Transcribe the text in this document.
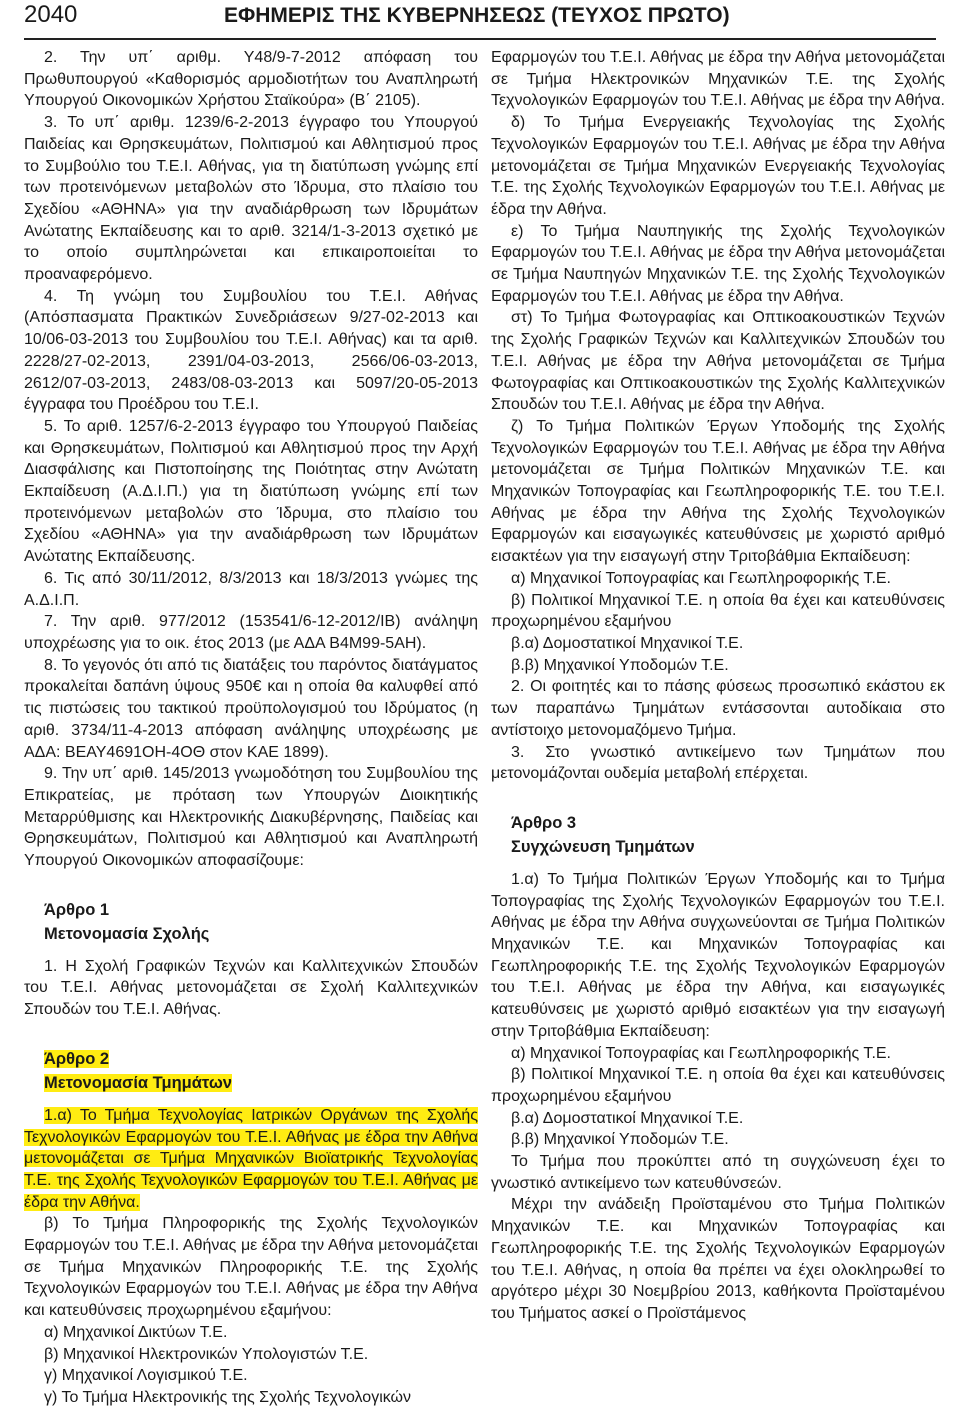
2040	ΕΦΗΜΕΡΙΣ ΤΗΣ ΚΥΒΕΡΝΗΣΕΩΣ (ΤΕΥΧΟΣ ΠΡΩΤΟ)

2. Την υπ΄ αριθμ. Υ48/9-7-2012 απόφαση του Πρωθυπουργού «Καθορισμός αρμοδιοτήτων του Αναπληρωτή Υπουργού Οικονομικών Χρήστου Σταϊκούρα» (Β΄ 2105).

3. Το υπ΄ αριθμ. 1239/6-2-2013 έγγραφο του Υπουργού Παιδείας και Θρησκευμάτων, Πολιτισμού και Αθλητισμού προς το Συμβούλιο του Τ.Ε.Ι. Αθήνας, για τη διατύπωση γνώμης επί των προτεινόμενων μεταβολών στο Ίδρυμα, στο πλαίσιο του Σχεδίου «ΑΘΗΝΑ» για την αναδιάρθρωση των Ιδρυμάτων Ανώτατης Εκπαίδευσης και το αριθ. 3214/1-3-2013 σχετικό με το οποίο συμπληρώνεται και επικαιροποιείται το προαναφερόμενο.

4. Τη γνώμη του Συμβουλίου του Τ.Ε.Ι. Αθήνας (Απόσπασματα Πρακτικών Συνεδριάσεων 9/27-02-2013 και 10/06-03-2013 του Συμβουλίου του Τ.Ε.Ι. Αθήνας) και τα αριθ. 2228/27-02-2013, 2391/04-03-2013, 2566/06-03-2013, 2612/07-03-2013, 2483/08-03-2013 και 5097/20-05-2013 έγγραφα του Προέδρου του Τ.Ε.Ι.

5. Το αριθ. 1257/6-2-2013 έγγραφο του Υπουργού Παιδείας και Θρησκευμάτων, Πολιτισμού και Αθλητισμού προς την Αρχή Διασφάλισης και Πιστοποίησης της Ποιότητας στην Ανώτατη Εκπαίδευση (Α.Δ.Ι.Π.) για τη διατύπωση γνώμης επί των προτεινόμενων μεταβολών στο Ίδρυμα, στο πλαίσιο του Σχεδίου «ΑΘΗΝΑ» για την αναδιάρθρωση των Ιδρυμάτων Ανώτατης Εκπαίδευσης.

6. Τις από 30/11/2012, 8/3/2013 και 18/3/2013 γνώμες της Α.Δ.Ι.Π.

7. Την αριθ. 977/2012 (153541/6-12-2012/ΙΒ) ανάληψη υποχρέωσης για το οικ. έτος 2013 (με ΑΔΑ Β4Μ99-5ΑΗ).

8. Το γεγονός ότι από τις διατάξεις του παρόντος διατάγματος προκαλείται δαπάνη ύψους 950€ και η οποία θα καλυφθεί από τις πιστώσεις του τακτικού προϋπολογισμού του Ιδρύματος (η αριθ. 3734/11-4-2013 απόφαση ανάληψης υποχρέωσης με ΑΔΑ: ΒΕΑΥ4691ΟΗ-4ΟΘ στον ΚΑΕ 1899).

9. Την υπ΄ αριθ. 145/2013 γνωμοδότηση του Συμβουλίου της Επικρατείας, με πρόταση των Υπουργών Διοικητικής Μεταρρύθμισης και Ηλεκτρονικής Διακυβέρνησης, Παιδείας και Θρησκευμάτων, Πολιτισμού και Αθλητισμού και Αναπληρωτή Υπουργού Οικονομικών αποφασίζουμε:

Άρθρο 1

Μετονομασία Σχολής

1. Η Σχολή Γραφικών Τεχνών και Καλλιτεχνικών Σπουδών του Τ.Ε.Ι. Αθήνας μετονομάζεται σε Σχολή Καλλιτεχνικών Σπουδών του Τ.Ε.Ι. Αθήνας.

Άρθρο 2

Μετονομασία Τμημάτων

1.α) Το Τμήμα Τεχνολογίας Ιατρικών Οργάνων της Σχολής Τεχνολογικών Εφαρμογών του Τ.Ε.Ι. Αθήνας με έδρα την Αθήνα μετονομάζεται σε Τμήμα Μηχανικών Βιοϊατρικής Τεχνολογίας Τ.Ε. της Σχολής Τεχνολογικών Εφαρμογών του Τ.Ε.Ι. Αθήνας με έδρα την Αθήνα.

β) Το Τμήμα Πληροφορικής της Σχολής Τεχνολογικών Εφαρμογών του Τ.Ε.Ι. Αθήνας με έδρα την Αθήνα μετονομάζεται σε Τμήμα Μηχανικών Πληροφορικής Τ.Ε. της Σχολής Τεχνολογικών Εφαρμογών του Τ.Ε.Ι. Αθήνας με έδρα την Αθήνα και κατευθύνσεις προχωρημένου εξαμήνου:

α) Μηχανικοί Δικτύων Τ.Ε.

β) Μηχανικοί Ηλεκτρονικών Υπολογιστών Τ.Ε.

γ) Μηχανικοί Λογισμικού Τ.Ε.

γ) Το Τμήμα Ηλεκτρονικής της Σχολής Τεχνολογικών

Εφαρμογών του Τ.Ε.Ι. Αθήνας με έδρα την Αθήνα μετονομάζεται σε Τμήμα Ηλεκτρονικών Μηχανικών Τ.Ε. της Σχολής Τεχνολογικών Εφαρμογών του Τ.Ε.Ι. Αθήνας με έδρα την Αθήνα.

δ) Το Τμήμα Ενεργειακής Τεχνολογίας της Σχολής Τεχνολογικών Εφαρμογών του Τ.Ε.Ι. Αθήνας με έδρα την Αθήνα μετονομάζεται σε Τμήμα Μηχανικών Ενεργειακής Τεχνολογίας Τ.Ε. της Σχολής Τεχνολογικών Εφαρμογών του Τ.Ε.Ι. Αθήνας με έδρα την Αθήνα.

ε) Το Τμήμα Ναυπηγικής της Σχολής Τεχνολογικών Εφαρμογών του Τ.Ε.Ι. Αθήνας με έδρα την Αθήνα μετονομάζεται σε Τμήμα Ναυπηγών Μηχανικών Τ.Ε. της Σχολής Τεχνολογικών Εφαρμογών του Τ.Ε.Ι. Αθήνας με έδρα την Αθήνα.

στ) Το Τμήμα Φωτογραφίας και Οπτικοακουστικών Τεχνών της Σχολής Γραφικών Τεχνών και Καλλιτεχνικών Σπουδών του Τ.Ε.Ι. Αθήνας με έδρα την Αθήνα μετονομάζεται σε Τμήμα Φωτογραφίας και Οπτικοακουστικών της Σχολής Καλλιτεχνικών Σπουδών του Τ.Ε.Ι. Αθήνας με έδρα την Αθήνα.

ζ) Το Τμήμα Πολιτικών Έργων Υποδομής της Σχολής Τεχνολογικών Εφαρμογών του Τ.Ε.Ι. Αθήνας με έδρα την Αθήνα μετονομάζεται σε Τμήμα Πολιτικών Μηχανικών Τ.Ε. και Μηχανικών Τοπογραφίας και Γεωπληροφορικής Τ.Ε. του Τ.Ε.Ι. Αθήνας με έδρα την Αθήνα της Σχολής Τεχνολογικών Εφαρμογών και εισαγωγικές κατευθύνσεις με χωριστό αριθμό εισακτέων για την εισαγωγή στην Τριτοβάθμια Εκπαίδευση:

α) Μηχανικοί Τοπογραφίας και Γεωπληροφορικής Τ.Ε.

β) Πολιτικοί Μηχανικοί Τ.Ε. η οποία θα έχει και κατευθύνσεις προχωρημένου εξαμήνου

β.α) Δομοστατικοί Μηχανικοί Τ.Ε.

β.β) Μηχανικοί Υποδομών Τ.Ε.

2. Οι φοιτητές και το πάσης φύσεως προσωπικό εκάστου εκ των παραπάνω Τμημάτων εντάσσονται αυτοδίκαια στο αντίστοιχο μετονομαζόμενο Τμήμα.

3. Στο γνωστικό αντικείμενο των Τμημάτων που μετονομάζονται ουδεμία μεταβολή επέρχεται.

Άρθρο 3

Συγχώνευση Τμημάτων

1.α) Το Τμήμα Πολιτικών Έργων Υποδομής και το Τμήμα Τοπογραφίας της Σχολής Τεχνολογικών Εφαρμογών του Τ.Ε.Ι. Αθήνας με έδρα την Αθήνα συγχωνεύονται σε Τμήμα Πολιτικών Μηχανικών Τ.Ε. και Μηχανικών Τοπογραφίας και Γεωπληροφορικής Τ.Ε. της Σχολής Τεχνολογικών Εφαρμογών του Τ.Ε.Ι. Αθήνας με έδρα την Αθήνα, και εισαγωγικές κατευθύνσεις με χωριστό αριθμό εισακτέων για την εισαγωγή στην Τριτοβάθμια Εκπαίδευση:

α) Μηχανικοί Τοπογραφίας και Γεωπληροφορικής Τ.Ε.

β) Πολιτικοί Μηχανικοί Τ.Ε. η οποία θα έχει και κατευθύνσεις προχωρημένου εξαμήνου

β.α) Δομοστατικοί Μηχανικοί Τ.Ε.

β.β) Μηχανικοί Υποδομών Τ.Ε.

Το Τμήμα που προκύπτει από τη συγχώνευση έχει το γνωστικό αντικείμενο των κατευθύνσεών.

Μέχρι την ανάδειξη Προϊσταμένου στο Τμήμα Πολιτικών Μηχανικών Τ.Ε. και Μηχανικών Τοπογραφίας και Γεωπληροφορικής Τ.Ε. της Σχολής Τεχνολογικών Εφαρμογών του Τ.Ε.Ι. Αθήνας, η οποία θα πρέπει να έχει ολοκληρωθεί το αργότερο μέχρι 30 Νοεμβρίου 2013, καθήκοντα Προϊσταμένου του Τμήματος ασκεί ο Προϊστάμενος
